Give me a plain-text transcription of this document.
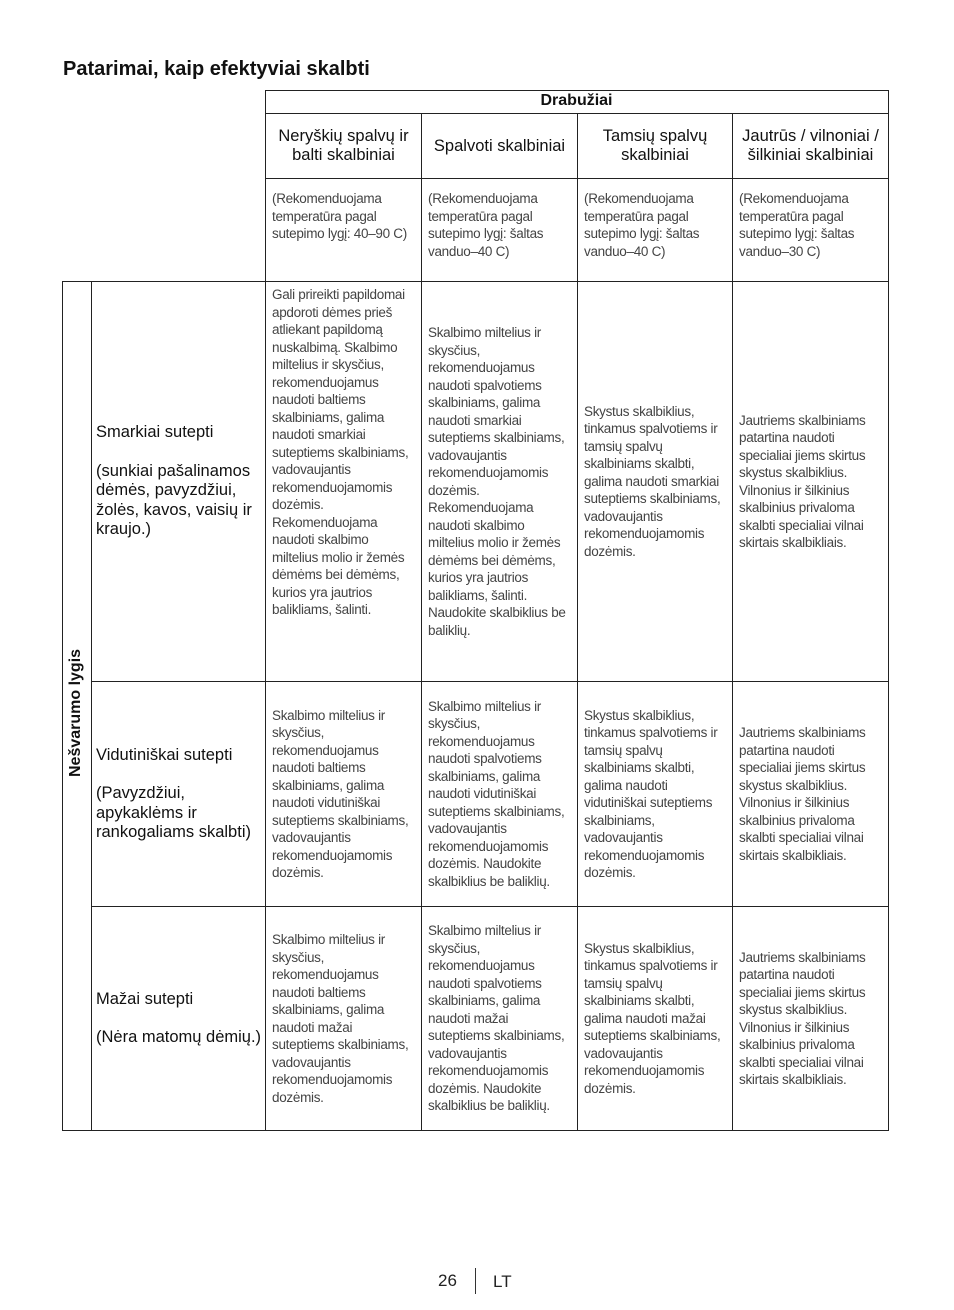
Patarimai, kaip efektyviai skalbti
Drabužiai
Neryškių spalvų ir balti skalbiniai
Spalvoti skalbiniai
Tamsių spalvų skalbiniai
Jautrūs / vilnoniai / šilkiniai skalbiniai
(Rekomenduojama temperatūra pagal sutepimo lygį: 40–90 C)
(Rekomenduojama temperatūra pagal sutepimo lygį: šaltas vanduo–40 C)
(Rekomenduojama temperatūra pagal sutepimo lygį: šaltas vanduo–40 C)
(Rekomenduojama temperatūra pagal sutepimo lygį: šaltas vanduo–30 C)
Nešvarumo lygis
Smarkiai sutepti
(sunkiai pašalinamos dėmės, pavyzdžiui, žolės, kavos, vaisių ir kraujo.)
Gali prireikti papildomai apdoroti dėmes prieš atliekant papildomą nuskalbimą. Skalbimo miltelius ir skysčius, rekomenduojamus naudoti baltiems skalbiniams, galima naudoti smarkiai suteptiems skalbiniams, vadovaujantis rekomenduojamomis dozėmis. Rekomenduojama naudoti skalbimo miltelius molio ir žemės dėmėms bei dėmėms, kurios yra jautrios balikliams, šalinti.
Skalbimo miltelius ir skysčius, rekomenduojamus naudoti spalvotiems skalbiniams, galima naudoti smarkiai suteptiems skalbiniams, vadovaujantis rekomenduojamomis dozėmis. Rekomenduojama naudoti skalbimo miltelius molio ir žemės dėmėms bei dėmėms, kurios yra jautrios balikliams, šalinti. Naudokite skalbiklius be baliklių.
Skystus skalbiklius, tinkamus spalvotiems ir tamsių spalvų skalbiniams skalbti, galima naudoti smarkiai suteptiems skalbiniams, vadovaujantis rekomenduojamomis dozėmis.
Jautriems skalbiniams patartina naudoti specialiai jiems skirtus skystus skalbiklius. Vilnonius ir šilkinius skalbinius privaloma skalbti specialiai vilnai skirtais skalbikliais.
Vidutiniškai sutepti
(Pavyzdžiui, apykaklėms ir rankogaliams skalbti)
Skalbimo miltelius ir skysčius, rekomenduojamus naudoti baltiems skalbiniams, galima naudoti vidutiniškai suteptiems skalbiniams, vadovaujantis rekomenduojamomis dozėmis.
Skalbimo miltelius ir skysčius, rekomenduojamus naudoti spalvotiems skalbiniams, galima naudoti vidutiniškai suteptiems skalbiniams, vadovaujantis rekomenduojamomis dozėmis. Naudokite skalbiklius be baliklių.
Skystus skalbiklius, tinkamus spalvotiems ir tamsių spalvų skalbiniams skalbti, galima naudoti vidutiniškai suteptiems skalbiniams, vadovaujantis rekomenduojamomis dozėmis.
Jautriems skalbiniams patartina naudoti specialiai jiems skirtus skystus skalbiklius. Vilnonius ir šilkinius skalbinius privaloma skalbti specialiai vilnai skirtais skalbikliais.
Mažai sutepti
(Nėra matomų dėmių.)
Skalbimo miltelius ir skysčius, rekomenduojamus naudoti baltiems skalbiniams, galima naudoti mažai suteptiems skalbiniams, vadovaujantis rekomenduojamomis dozėmis.
Skalbimo miltelius ir skysčius, rekomenduojamus naudoti spalvotiems skalbiniams, galima naudoti mažai suteptiems skalbiniams, vadovaujantis rekomenduojamomis dozėmis. Naudokite skalbiklius be baliklių.
Skystus skalbiklius, tinkamus spalvotiems ir tamsių spalvų skalbiniams skalbti, galima naudoti mažai suteptiems skalbiniams, vadovaujantis rekomenduojamomis dozėmis.
Jautriems skalbiniams patartina naudoti specialiai jiems skirtus skystus skalbiklius. Vilnonius ir šilkinius skalbinius privaloma skalbti specialiai vilnai skirtais skalbikliais.
26 LT
